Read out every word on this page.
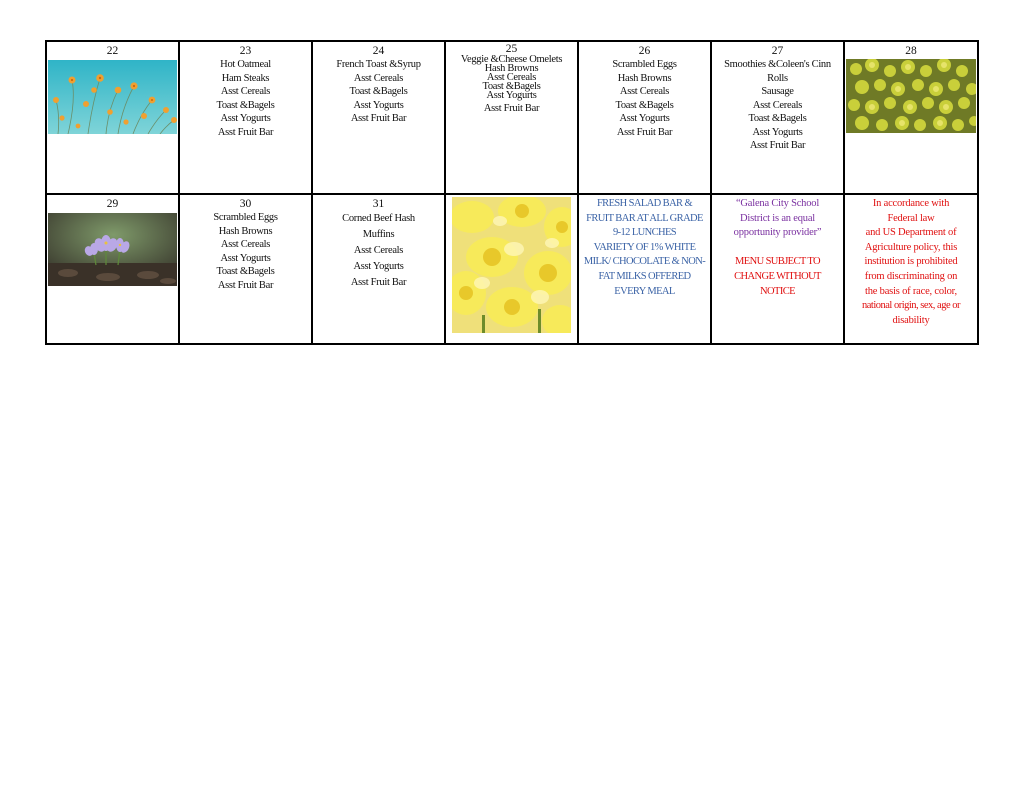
22	23
Hot Oatmeal
Ham Steaks
Asst Cereals
Toast &Bagels
Asst Yogurts
Asst Fruit Bar
24
French Toast &Syrup
Asst Cereals
Toast &Bagels
Asst Yogurts
Asst Fruit Bar
25
Veggie &Cheese Omelets
Hash Browns
Asst Cereals
Toast &Bagels
Asst Yogurts
Asst Fruit Bar
26
Scrambled Eggs
Hash Browns
Asst Cereals
Toast &Bagels
Asst Yogurts
Asst Fruit Bar
27
Smoothies &Coleen's Cinn
Rolls
Sausage
Asst Cereals
Toast &Bagels
Asst Yogurts
Asst Fruit Bar
28
29	30
Scrambled Eggs
Hash Browns
Asst Cereals
Asst Yogurts
Toast &Bagels
Asst Fruit Bar
31
Corned Beef Hash
Muffins
Asst Cereals
Asst Yogurts
Asst Fruit Bar
FRESH SALAD BAR &
FRUIT BAR AT ALL GRADE
9-12 LUNCHES
VARIETY OF 1% WHITE
MILK/ CHOCOLATE & NON-
FAT MILKS OFFERED
EVERY MEAL
“Galena City School
District is an equal
opportunity provider”
MENU SUBJECT TO
CHANGE WITHOUT
NOTICE
In accordance with
Federal law
and US Department of
Agriculture policy, this
institution is prohibited
from discriminating on
the basis of race, color,
national origin, sex, age or
disability
